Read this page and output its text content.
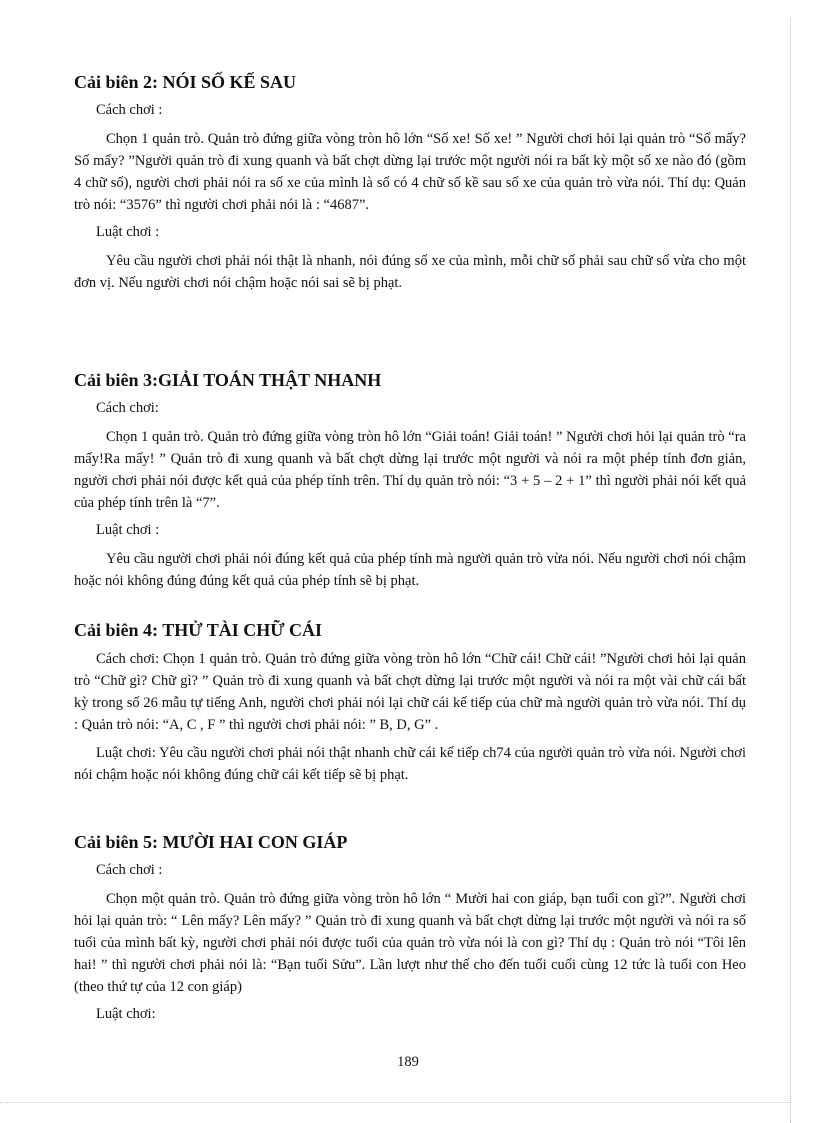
Cải biên 2: NÓI SỐ KẾ SAU

Cách chơi :

Chọn 1 quản trò. Quản trò đứng giữa vòng tròn hô lớn “Số xe! Số xe! ” Người chơi hỏi lại quản trò “Số mấy? Số mấy? ”Người quản trò đi xung quanh và bất chợt dừng lại trước một người nói ra bất kỳ một số xe nào đó (gồm 4 chữ số), người chơi phải nói ra số xe của mình là số có 4 chữ số kề sau số xe của quản trò vừa nói. Thí dụ: Quản trò nói: “3576” thì người chơi phải nói là : “4687”.

Luật chơi :

Yêu cầu người chơi phải nói thật là nhanh, nói đúng số xe của mình, mỗi chữ số phải sau chữ số vừa cho một đơn vị. Nếu người chơi nói chậm hoặc nói sai sẽ bị phạt.

Cải biên 3:GIẢI TOÁN THẬT NHANH

Cách chơi:

Chọn 1 quản trò. Quản trò đứng giữa vòng tròn hô lớn “Giải toán! Giải toán! ” Người chơi hỏi lại quản trò “ra mấy!Ra mấy! ” Quản trò đi xung quanh và bất chợt dừng lại trước một người và nói ra một phép tính đơn giản, người chơi phải nói được kết quả của phép tính trên. Thí dụ quản trò nói: “3 + 5 – 2 + 1” thì người phải nói kết quả của phép tính trên là “7”.

Luật chơi :

Yêu cầu người chơi phải nói đúng kết quả của phép tính mà người quản trò vừa nói. Nếu người chơi nói chậm hoặc nói không đúng đúng kết quả của phép tính sẽ bị phạt.

Cải biên 4: THỬ TÀI CHỮ CÁI

Cách chơi: Chọn 1 quản trò. Quản trò đứng giữa vòng tròn hô lớn “Chữ cái! Chữ cái! ”Người chơi hỏi lại quản trò “Chữ gì? Chữ gì? ” Quản trò đi xung quanh và bất chợt dừng lại trước một người và nói ra một vài chữ cái bất kỳ trong số 26 mẫu tự tiếng Anh, người chơi phải nói lại chữ cái kế tiếp của chữ mà người quản trò vừa nói. Thí dụ : Quản trò nói: “A, C , F ” thì người chơi phải nói: ” B, D, G” .

Luật chơi: Yêu cầu người chơi phải nói thật nhanh chữ cái kế tiếp ch74 của người quản trò vừa nói. Người chơi nói chậm hoặc nói không đúng chữ cái kết tiếp sẽ bị phạt.

Cải biên 5: MƯỜI HAI CON GIÁP

Cách chơi :

Chọn một quản trò. Quản trò đứng giữa vòng tròn hô lớn “ Mười hai con giáp, bạn tuổi con gì?”. Người chơi hỏi lại quản trò: “ Lên mấy? Lên mấy? ” Quản trò đi xung quanh và bất chợt dừng lại trước một người và nói ra số tuổi của mình bất kỳ, người chơi phải nói được tuổi của quản trò vừa nói là con gì? Thí dụ : Quản trò nói “Tôi lên hai! ” thì người chơi phải nói là: “Bạn tuổi Sửu”. Lần lượt như thế cho đến tuổi cuối cùng 12 tức là tuổi con Heo (theo thứ tự của 12 con giáp)

Luật chơi:

189
